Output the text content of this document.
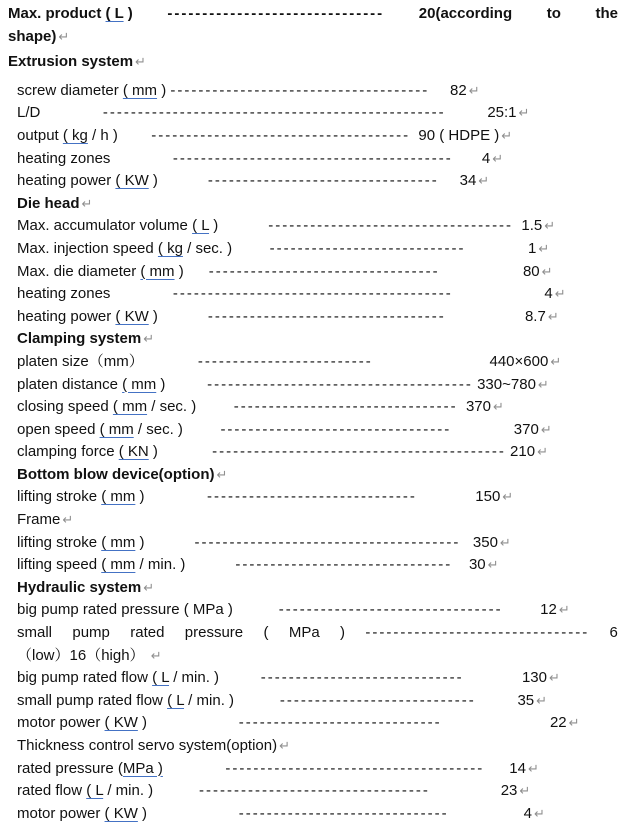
Max. product ( L ) ------------------------------- 20(according to the
shape) ↵
Extrusion system ↵
screw diameter ( mm ) ------------------------------------- 82 ↵
L/D	-------------------------------------------------	25:1 ↵
output ( kg / h ) ------------------------------------- 90 ( HDPE ) ↵
heating zones	---------------------------------------- 4 ↵
heating power ( KW )	--------------------------------- 34 ↵
Die head ↵
Max. accumulator volume ( L )	----------------------------------- 1.5 ↵
Max. injection speed ( kg / sec. )	----------------------------	1 ↵
Max. die diameter ( mm ) ---------------------------------	80 ↵
heating zones	----------------------------------------	4 ↵
heating power ( KW )	----------------------------------	8.7 ↵
Clamping system ↵
platen size（mm）	-------------------------	440×600 ↵
platen distance ( mm )	-------------------------------------- 330~780 ↵
closing speed ( mm / sec. )	-------------------------------- 370 ↵
open speed ( mm / sec. )	---------------------------------	370 ↵
clamping force ( KN )	------------------------------------------ 210 ↵
Bottom blow device(option) ↵
lifting stroke ( mm )	------------------------------	150 ↵
Frame ↵
lifting stroke ( mm )	-------------------------------------- 350 ↵
lifting speed ( mm / min. )	------------------------------- 30 ↵
Hydraulic system ↵
big pump rated pressure ( MPa )	--------------------------------	12 ↵
small pump rated pressure ( MPa ) -------------------------------- 6
（low）16（high） ↵
big pump rated flow ( L / min. )	-----------------------------	130 ↵
small pump rated flow ( L / min. )	----------------------------	35 ↵
motor power ( KW )	-----------------------------	22 ↵
Thickness control servo system(option) ↵
rated pressure (MPa )	------------------------------------- 14 ↵
rated flow ( L / min. )	---------------------------------	23 ↵
motor power ( KW )	------------------------------	4 ↵
